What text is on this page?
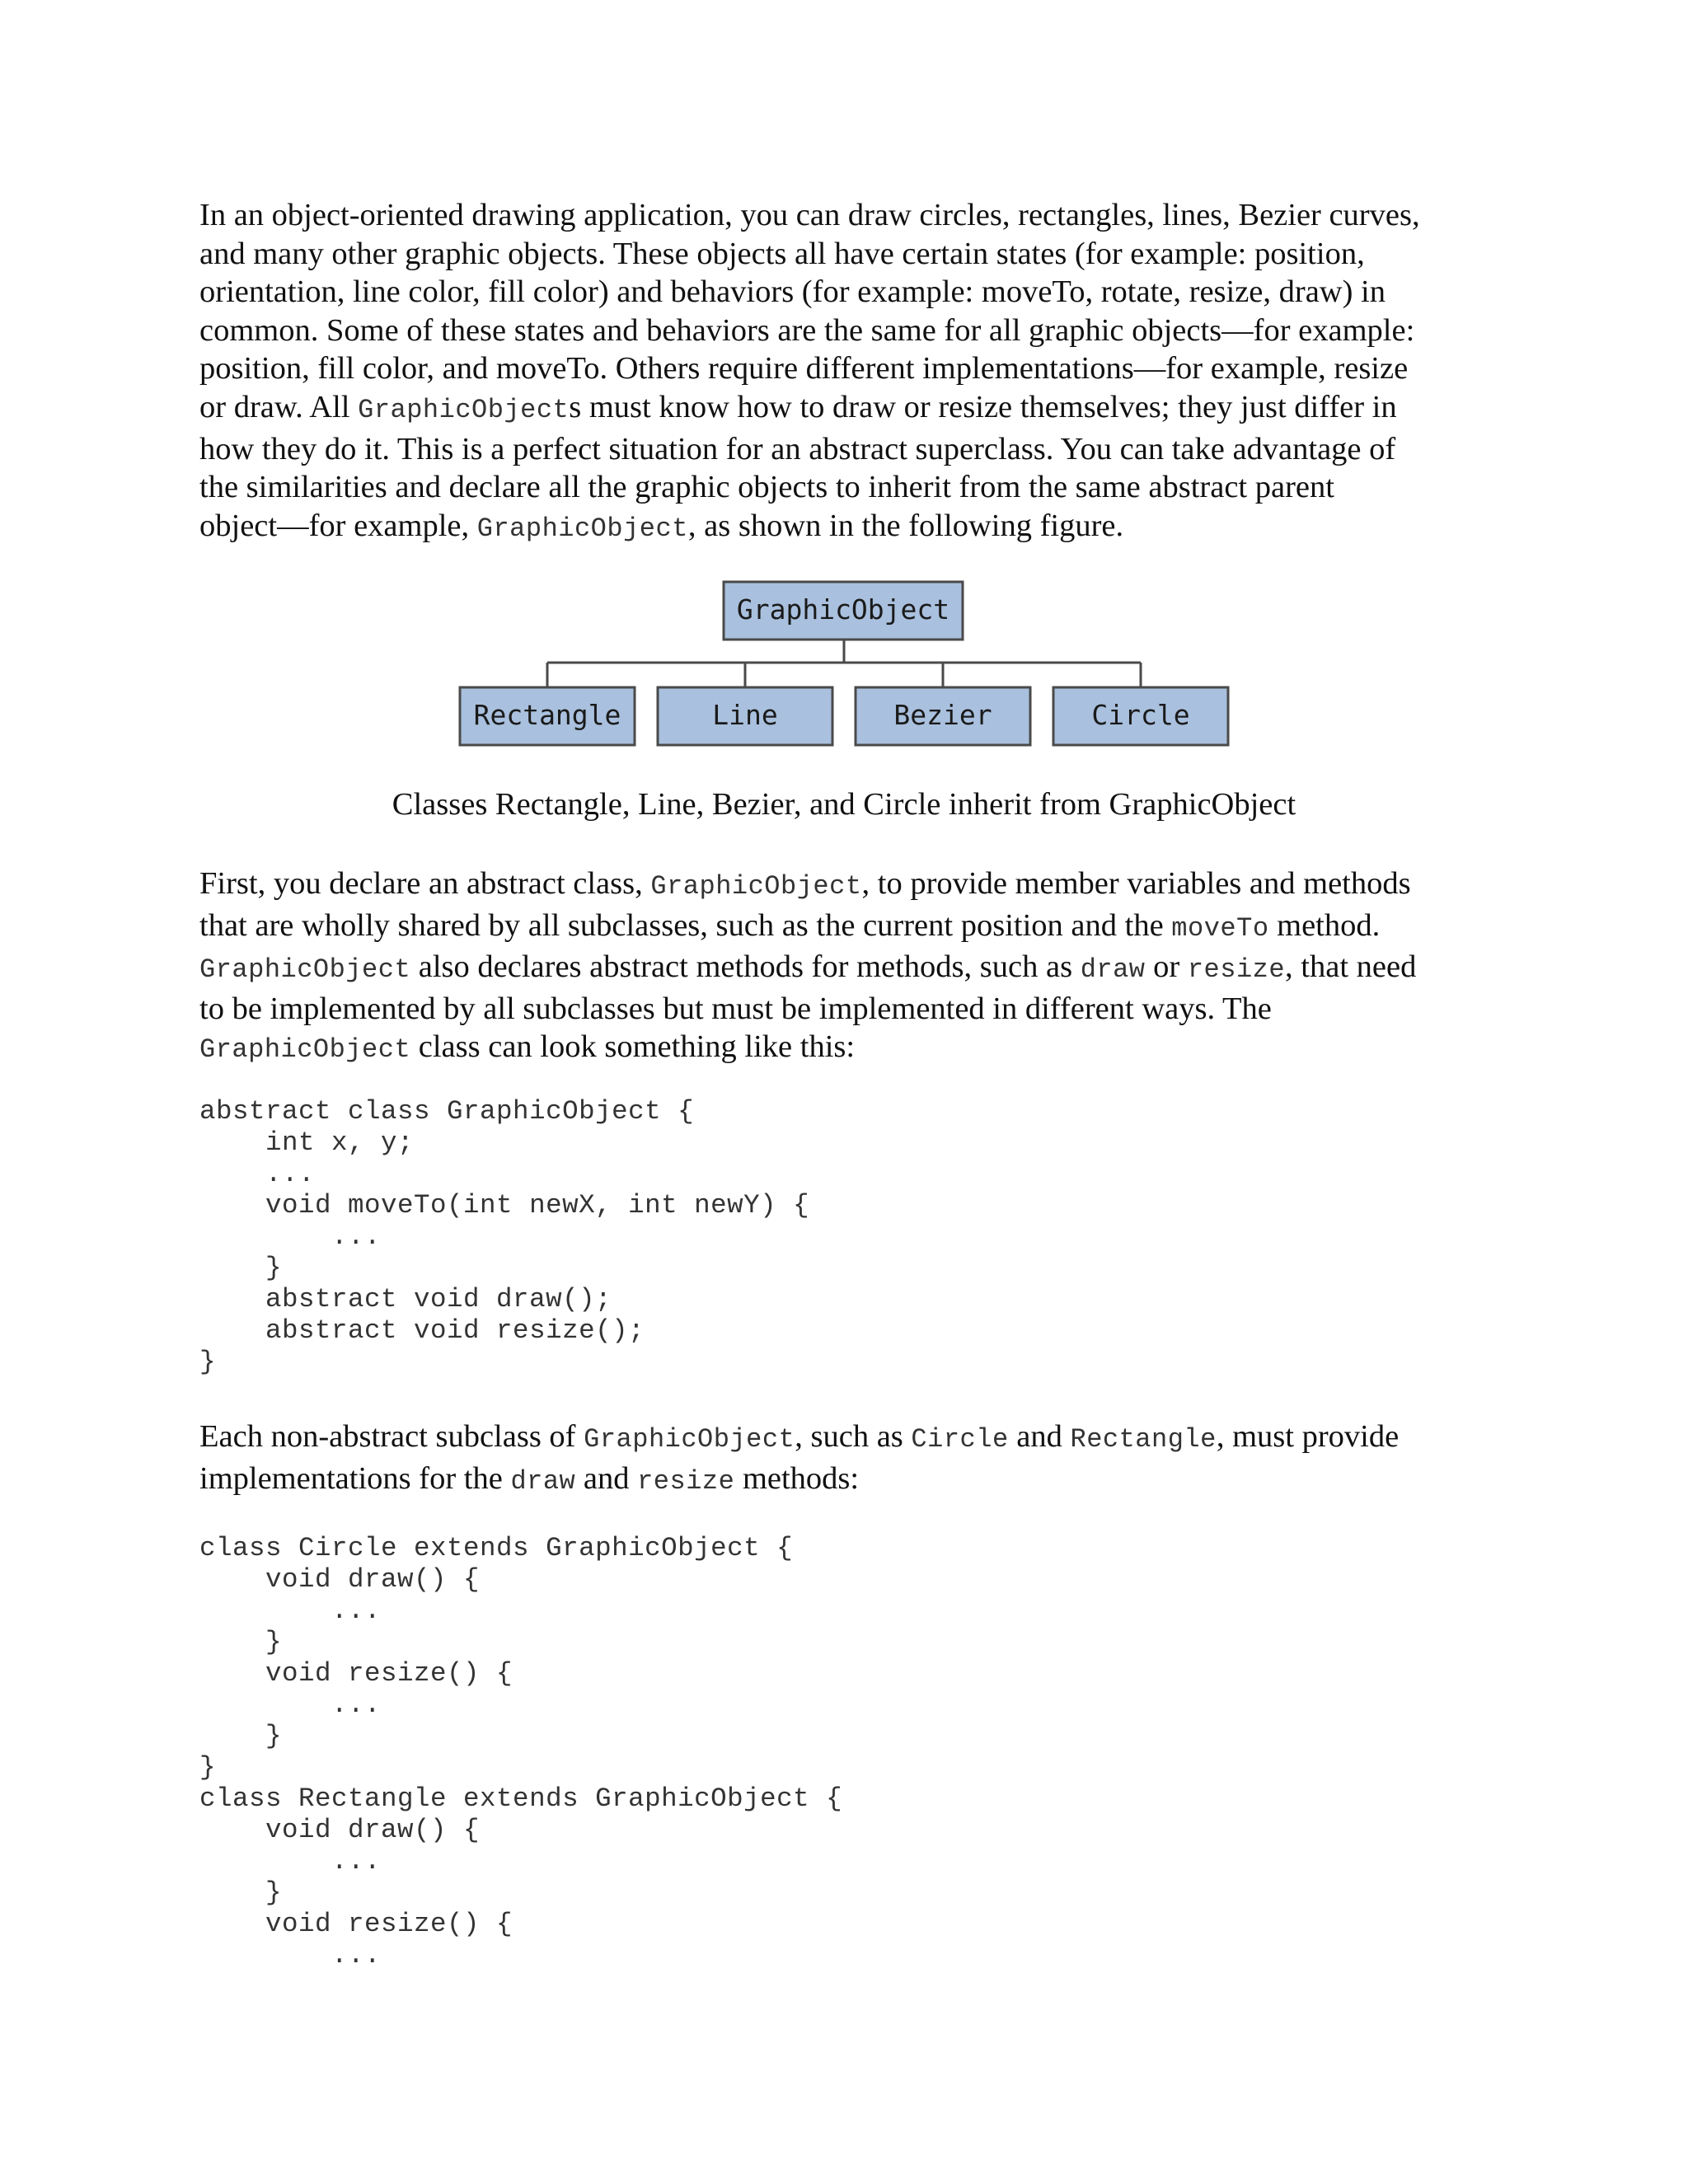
In an object-oriented drawing application, you can draw circles, rectangles, lines, Bezier curves,
and many other graphic objects. These objects all have certain states (for example: position,
orientation, line color, fill color) and behaviors (for example: moveTo, rotate, resize, draw) in
common. Some of these states and behaviors are the same for all graphic objects—for example:
position, fill color, and moveTo. Others require different implementations—for example, resize
or draw. All GraphicObjects must know how to draw or resize themselves; they just differ in
how they do it. This is a perfect situation for an abstract superclass. You can take advantage of
the similarities and declare all the graphic objects to inherit from the same abstract parent
object—for example, GraphicObject, as shown in the following figure.
GraphicObject
Rectangle	Line	Bezier	Circle
Classes Rectangle, Line, Bezier, and Circle inherit from GraphicObject
First, you declare an abstract class, GraphicObject, to provide member variables and methods
that are wholly shared by all subclasses, such as the current position and the moveTo method.
GraphicObject also declares abstract methods for methods, such as draw or resize, that need
to be implemented by all subclasses but must be implemented in different ways. The
GraphicObject class can look something like this:
abstract class GraphicObject {
int x, y;
...
void moveTo(int newX, int newY) {
...
}
abstract void draw();
abstract void resize();
}
Each non-abstract subclass of GraphicObject, such as Circle and Rectangle, must provide
implementations for the draw and resize methods:
class Circle extends GraphicObject {
void draw() {
...
}
void resize() {
...
}
}
class Rectangle extends GraphicObject {
void draw() {
...
}
void resize() {
...
